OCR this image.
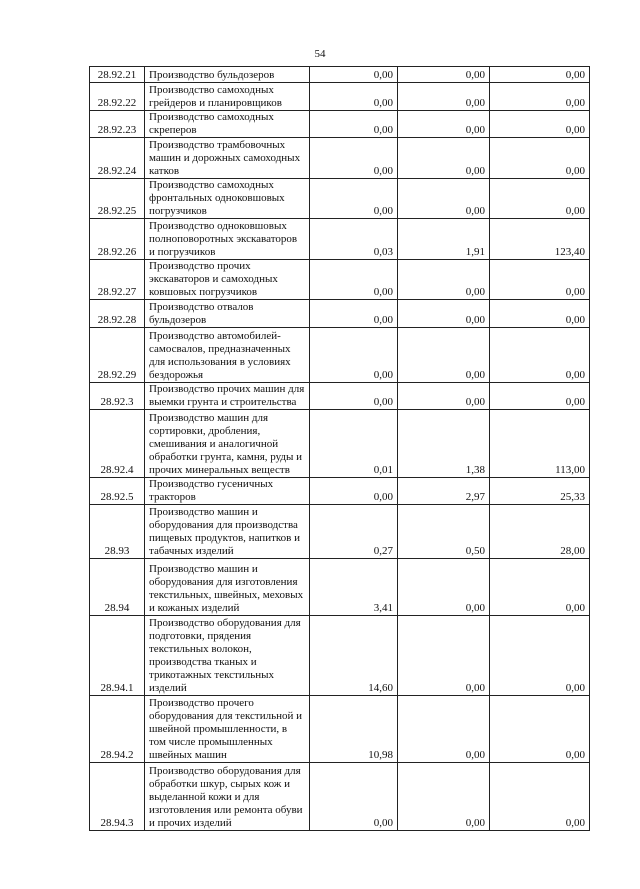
54
28.92.21	Производство бульдозеров	0,00	0,00	0,00
28.92.22	Производство самоходных грейдеров и планировщиков	0,00	0,00	0,00
28.92.23	Производство самоходных скреперов	0,00	0,00	0,00
28.92.24	Производство трамбовочных машин и дорожных самоходных катков	0,00	0,00	0,00
28.92.25	Производство самоходных фронтальных одноковшовых погрузчиков	0,00	0,00	0,00
28.92.26	Производство одноковшовых полноповоротных экскаваторов и погрузчиков	0,03	1,91	123,40
28.92.27	Производство прочих экскаваторов и самоходных ковшовых погрузчиков	0,00	0,00	0,00
28.92.28	Производство отвалов бульдозеров	0,00	0,00	0,00
28.92.29	Производство автомобилей-самосвалов, предназначенных для использования в условиях бездорожья	0,00	0,00	0,00
28.92.3	Производство прочих машин для выемки грунта и строительства	0,00	0,00	0,00
28.92.4	Производство машин для сортировки, дробления, смешивания и аналогичной обработки грунта, камня, руды и прочих минеральных веществ	0,01	1,38	113,00
28.92.5	Производство гусеничных тракторов	0,00	2,97	25,33
28.93	Производство машин и оборудования для производства пищевых продуктов, напитков и табачных изделий	0,27	0,50	28,00
28.94	Производство машин и оборудования для изготовления текстильных, швейных, меховых и кожаных изделий	3,41	0,00	0,00
28.94.1	Производство оборудования для подготовки, прядения текстильных волокон, производства тканых и трикотажных текстильных изделий	14,60	0,00	0,00
28.94.2	Производство прочего оборудования для текстильной и швейной промышленности, в том числе промышленных швейных машин	10,98	0,00	0,00
28.94.3	Производство оборудования для обработки шкур, сырых кож и выделанной кожи и для изготовления или ремонта обуви и прочих изделий	0,00	0,00	0,00
